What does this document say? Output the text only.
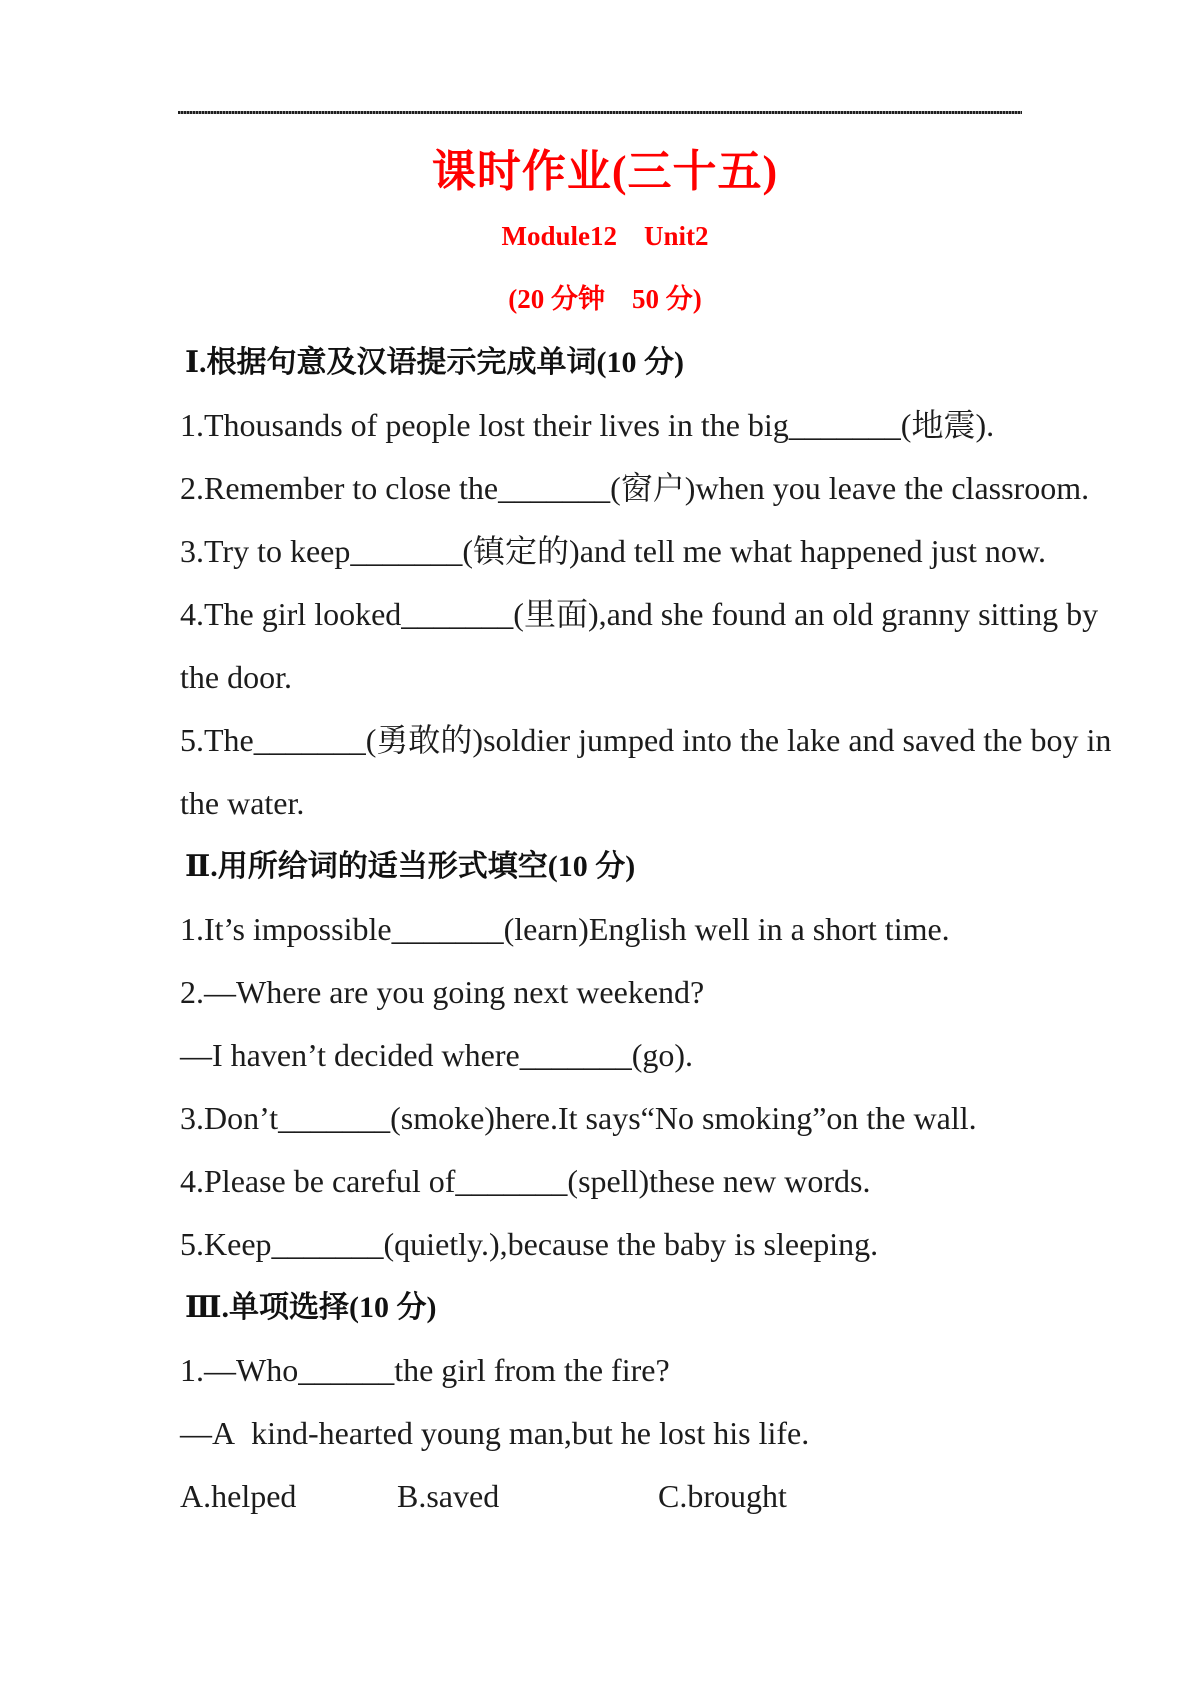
课时作业(三十五)
Module12    Unit2
(20 分钟    50 分)
Ⅰ.根据句意及汉语提示完成单词(10 分)
1.Thousands of people lost their lives in the big_______(地震).
2.Remember to close the_______(窗户)when you leave the classroom.
3.Try to keep_______(镇定的)and tell me what happened just now.
4.The girl looked_______(里面),and she found an old granny sitting by
the door.
5.The_______(勇敢的)soldier jumped into the lake and saved the boy in
the water.
Ⅱ.用所给词的适当形式填空(10 分)
1.It’s impossible_______(learn)English well in a short time.
2.—Where are you going next weekend?
—I haven’t decided where_______(go).
3.Don’t_______(smoke)here.It says“No smoking”on the wall.
4.Please be careful of_______(spell)these new words.
5.Keep_______(quietly.),because the baby is sleeping.
Ⅲ.单项选择(10 分)
1.—Who______the girl from the fire?
—A  kind-hearted young man,but he lost his life.
A.helped	B.saved	C.brought
